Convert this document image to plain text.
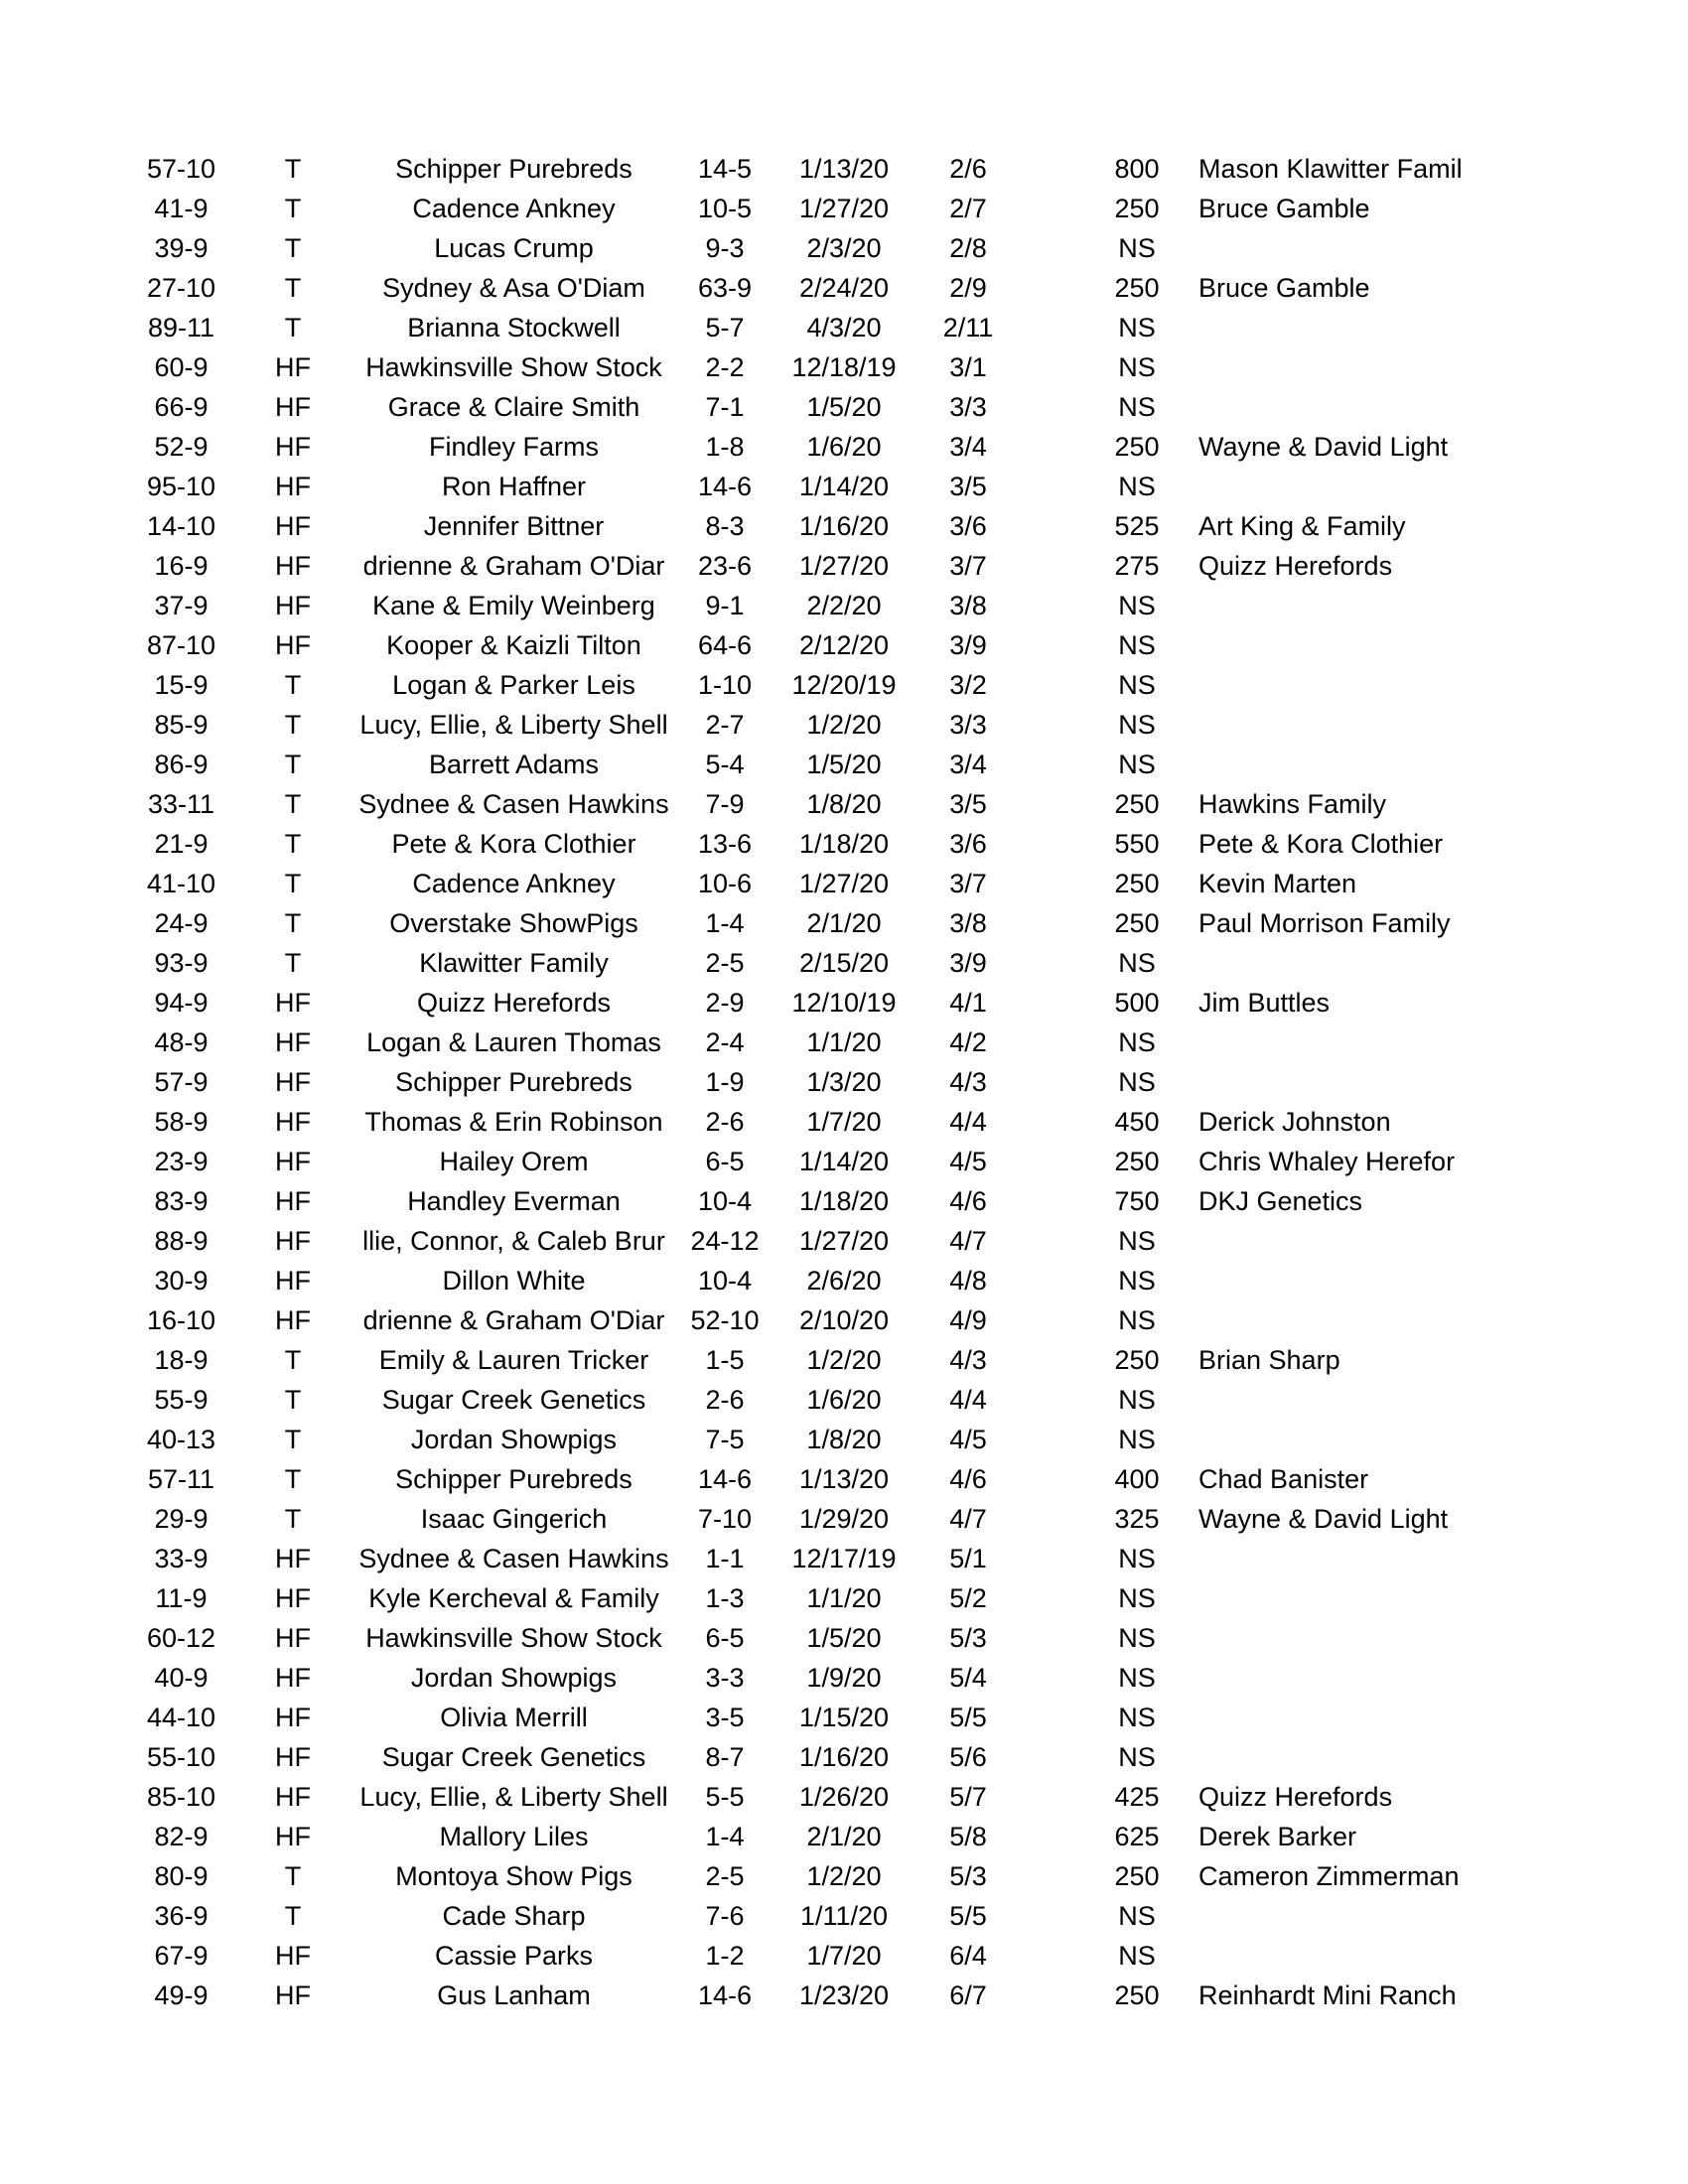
57-10	T	Schipper Purebreds	14-5	1/13/20	2/6	800	Mason Klawitter Famil
41-9	T	Cadence Ankney	10-5	1/27/20	2/7	250	Bruce Gamble
39-9	T	Lucas Crump	9-3	2/3/20	2/8	NS
27-10	T	Sydney & Asa O'Diam	63-9	2/24/20	2/9	250	Bruce Gamble
89-11	T	Brianna Stockwell	5-7	4/3/20	2/11	NS
60-9	HF	Hawkinsville Show Stock	2-2	12/18/19	3/1	NS
66-9	HF	Grace & Claire Smith	7-1	1/5/20	3/3	NS
52-9	HF	Findley Farms	1-8	1/6/20	3/4	250	Wayne & David Light
95-10	HF	Ron Haffner	14-6	1/14/20	3/5	NS
14-10	HF	Jennifer Bittner	8-3	1/16/20	3/6	525	Art King & Family
16-9	HF	drienne & Graham O'Diar	23-6	1/27/20	3/7	275	Quizz Herefords
37-9	HF	Kane & Emily Weinberg	9-1	2/2/20	3/8	NS
87-10	HF	Kooper & Kaizli Tilton	64-6	2/12/20	3/9	NS
15-9	T	Logan & Parker Leis	1-10	12/20/19	3/2	NS
85-9	T	Lucy, Ellie, & Liberty Shell	2-7	1/2/20	3/3	NS
86-9	T	Barrett Adams	5-4	1/5/20	3/4	NS
33-11	T	Sydnee & Casen Hawkins	7-9	1/8/20	3/5	250	Hawkins Family
21-9	T	Pete & Kora Clothier	13-6	1/18/20	3/6	550	Pete & Kora Clothier
41-10	T	Cadence Ankney	10-6	1/27/20	3/7	250	Kevin Marten
24-9	T	Overstake ShowPigs	1-4	2/1/20	3/8	250	Paul Morrison Family
93-9	T	Klawitter Family	2-5	2/15/20	3/9	NS
94-9	HF	Quizz Herefords	2-9	12/10/19	4/1	500	Jim Buttles
48-9	HF	Logan & Lauren Thomas	2-4	1/1/20	4/2	NS
57-9	HF	Schipper Purebreds	1-9	1/3/20	4/3	NS
58-9	HF	Thomas & Erin Robinson	2-6	1/7/20	4/4	450	Derick Johnston
23-9	HF	Hailey Orem	6-5	1/14/20	4/5	250	Chris Whaley Herefor
83-9	HF	Handley Everman	10-4	1/18/20	4/6	750	DKJ Genetics
88-9	HF	llie, Connor, & Caleb Brur 24-12	1/27/20	4/7	NS
30-9	HF	Dillon White	10-4	2/6/20	4/8	NS
16-10	HF	drienne & Graham O'Diar 52-10	2/10/20	4/9	NS
18-9	T	Emily & Lauren Tricker	1-5	1/2/20	4/3	250	Brian Sharp
55-9	T	Sugar Creek Genetics	2-6	1/6/20	4/4	NS
40-13	T	Jordan Showpigs	7-5	1/8/20	4/5	NS
57-11	T	Schipper Purebreds	14-6	1/13/20	4/6	400	Chad Banister
29-9	T	Isaac Gingerich	7-10	1/29/20	4/7	325	Wayne & David Light
33-9	HF	Sydnee & Casen Hawkins	1-1	12/17/19	5/1	NS
11-9	HF	Kyle Kercheval & Family	1-3	1/1/20	5/2	NS
60-12	HF	Hawkinsville Show Stock	6-5	1/5/20	5/3	NS
40-9	HF	Jordan Showpigs	3-3	1/9/20	5/4	NS
44-10	HF	Olivia Merrill	3-5	1/15/20	5/5	NS
55-10	HF	Sugar Creek Genetics	8-7	1/16/20	5/6	NS
85-10	HF	Lucy, Ellie, & Liberty Shell	5-5	1/26/20	5/7	425	Quizz Herefords
82-9	HF	Mallory Liles	1-4	2/1/20	5/8	625	Derek Barker
80-9	T	Montoya Show Pigs	2-5	1/2/20	5/3	250	Cameron Zimmerman
36-9	T	Cade Sharp	7-6	1/11/20	5/5	NS
67-9	HF	Cassie Parks	1-2	1/7/20	6/4	NS
49-9	HF	Gus Lanham	14-6	1/23/20	6/7	250	Reinhardt Mini Ranch
